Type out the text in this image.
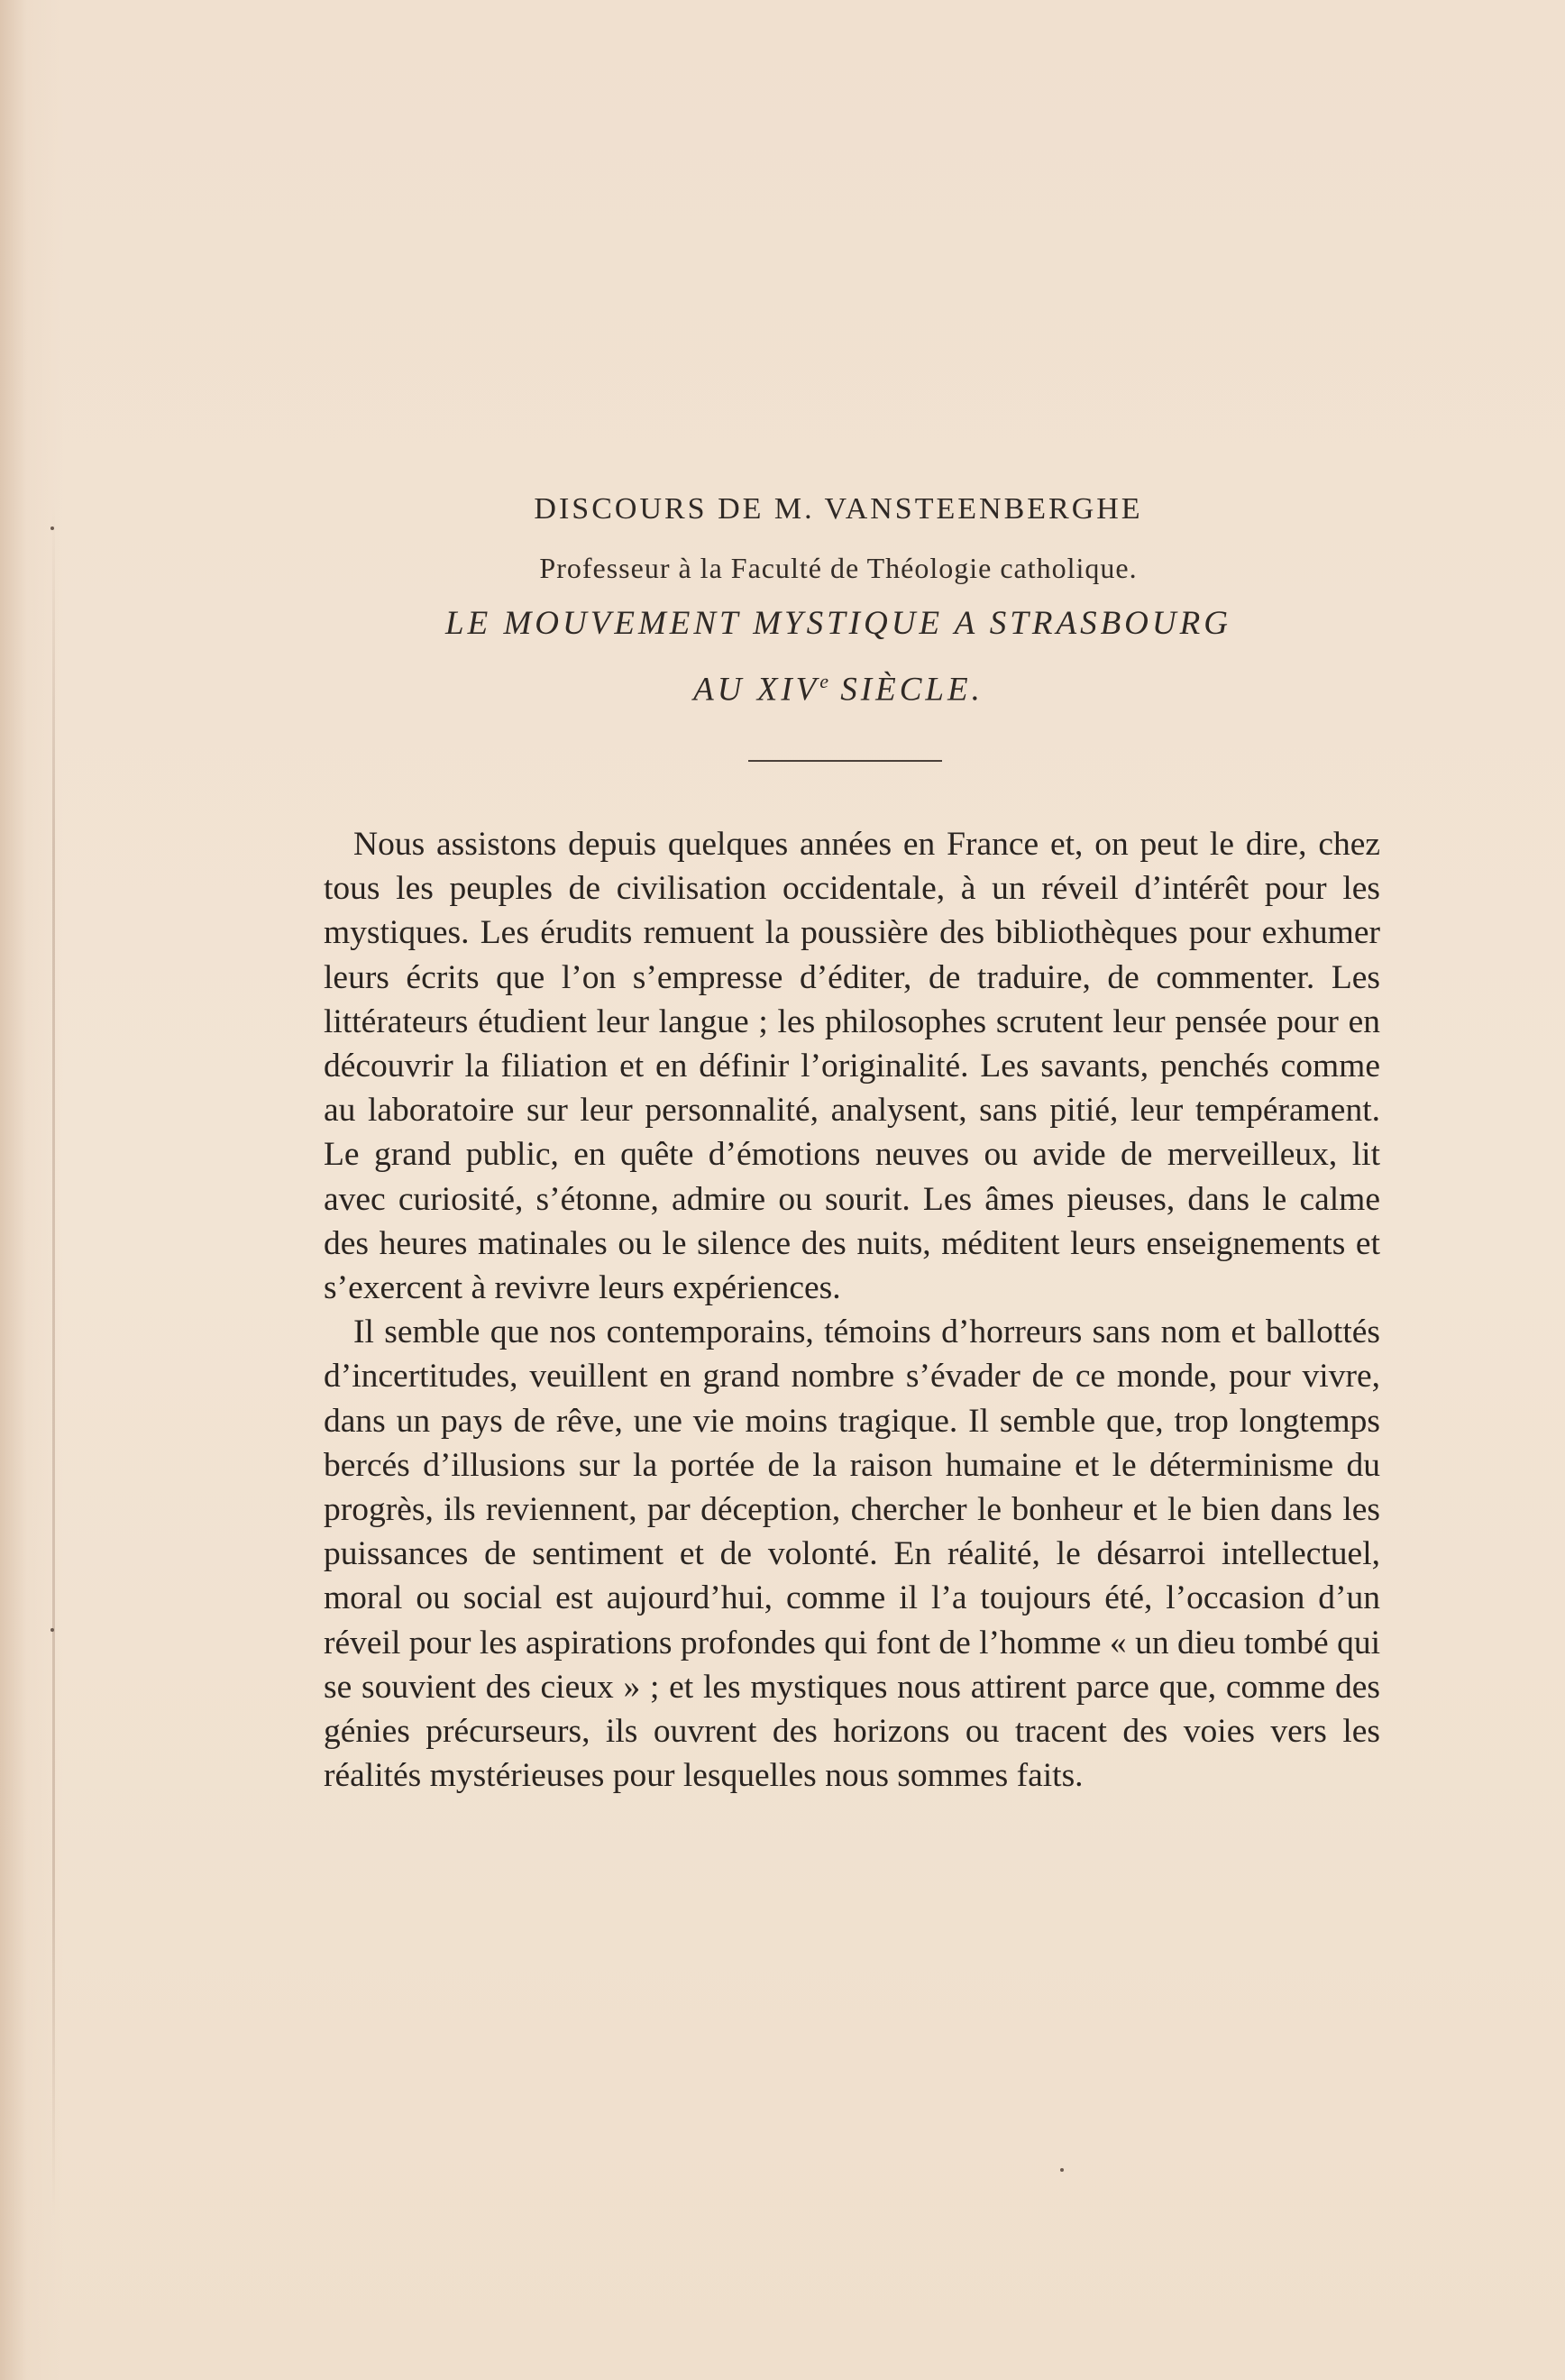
DISCOURS DE M. VANSTEENBERGHE

Professeur à la Faculté de Théologie catholique.

LE MOUVEMENT MYSTIQUE A STRASBOURG

AU XIVe SIÈCLE.

Nous assistons depuis quelques années en France et, on peut le dire, chez tous les peuples de civilisation occidentale, à un réveil d’intérêt pour les mystiques. Les érudits remuent la poussière des bibliothèques pour exhumer leurs écrits que l’on s’empresse d’éditer, de traduire, de commenter. Les littérateurs étudient leur langue ; les philosophes scrutent leur pensée pour en découvrir la filiation et en définir l’originalité. Les savants, penchés comme au laboratoire sur leur personnalité, analysent, sans pitié, leur tempérament. Le grand public, en quête d’émotions neuves ou avide de merveilleux, lit avec curiosité, s’étonne, admire ou sourit. Les âmes pieuses, dans le calme des heures matinales ou le silence des nuits, méditent leurs enseignements et s’exercent à revivre leurs expériences.

Il semble que nos contemporains, témoins d’horreurs sans nom et ballottés d’incertitudes, veuillent en grand nombre s’évader de ce monde, pour vivre, dans un pays de rêve, une vie moins tragique. Il semble que, trop longtemps bercés d’illusions sur la portée de la raison humaine et le déterminisme du progrès, ils reviennent, par déception, chercher le bonheur et le bien dans les puissances de sentiment et de volonté. En réalité, le désarroi intellectuel, moral ou social est aujourd’hui, comme il l’a toujours été, l’occasion d’un réveil pour les aspirations profondes qui font de l’homme « un dieu tombé qui se souvient des cieux » ; et les mystiques nous attirent parce que, comme des génies précurseurs, ils ouvrent des horizons ou tracent des voies vers les réalités mystérieuses pour lesquelles nous sommes faits.
